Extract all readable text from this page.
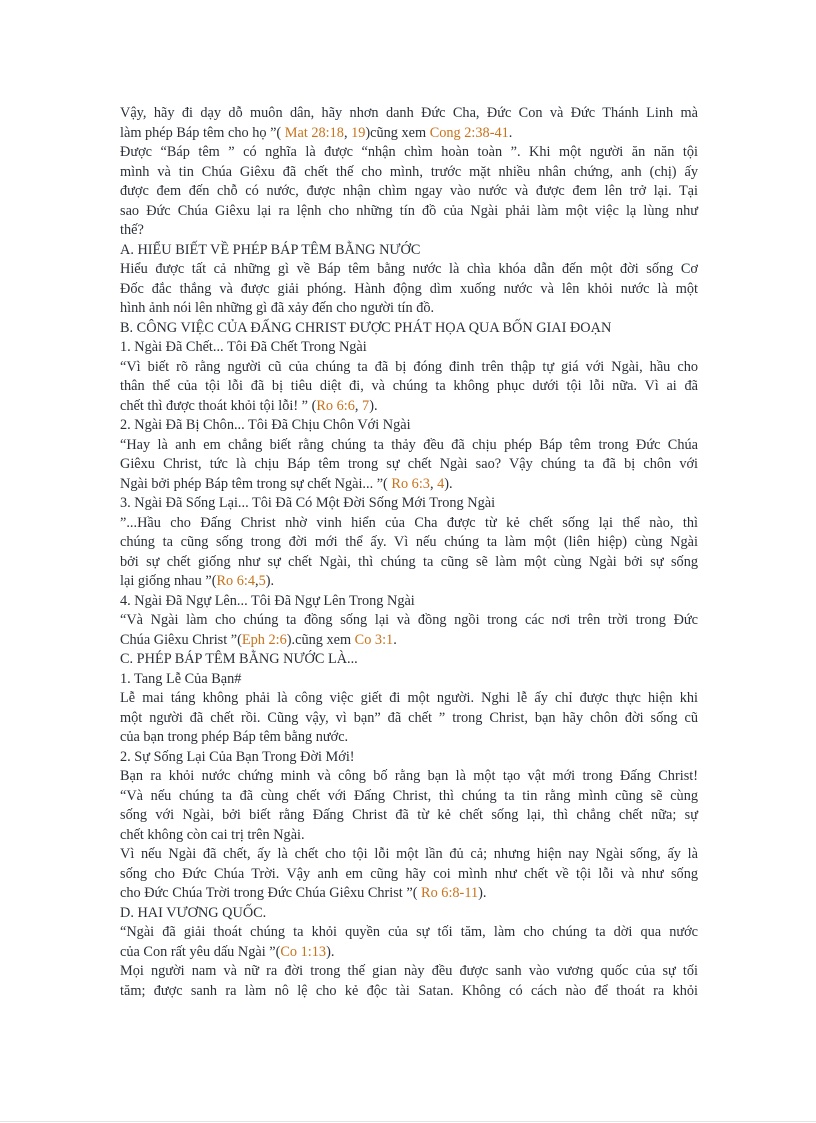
Vậy, hãy đi dạy dỗ muôn dân, hãy nhơn danh Đức Cha, Đức Con và Đức Thánh Linh mà
làm phép Báp têm cho họ ”( Mat 28:18, 19)cũng xem Cong 2:38-41.
Được “Báp têm ” có nghĩa là được “nhận chìm hoàn toàn ”. Khi một người ăn năn tội
mình và tin Chúa Giêxu đã chết thế cho mình, trước mặt nhiều nhân chứng, anh (chị) ấy
được đem đến chỗ có nước, được nhận chìm ngay vào nước và được đem lên trở lại. Tại
sao Đức Chúa Giêxu lại ra lệnh cho những tín đồ của Ngài phải làm một việc lạ lùng như
thế?
A. HIỂU BIẾT VỀ PHÉP BÁP TÊM BẰNG NƯỚC
Hiểu được tất cả những gì về Báp têm bằng nước là chìa khóa dẫn đến một đời sống Cơ
Đốc đắc thắng và được giải phóng. Hành động dìm xuống nước và lên khỏi nước là một
hình ảnh nói lên những gì đã xảy đến cho người tín đồ.
B. CÔNG VIỆC CỦA ĐẤNG CHRIST ĐƯỢC PHÁT HỌA QUA BỐN GIAI ĐOẠN
1. Ngài Đã Chết... Tôi Đã Chết Trong Ngài
“Vì biết rõ rằng người cũ của chúng ta đã bị đóng đinh trên thập tự giá với Ngài, hầu cho
thân thể của tội lỗi đã bị tiêu diệt đi, và chúng ta không phục dưới tội lỗi nữa. Vì ai đã
chết thì được thoát khỏi tội lỗi! ” (Ro 6:6, 7).
2. Ngài Đã Bị Chôn... Tôi Đã Chịu Chôn Với Ngài
“Hay là anh em chẳng biết rằng chúng ta thảy đều đã chịu phép Báp têm trong Đức Chúa
Giêxu Christ, tức là chịu Báp têm trong sự chết Ngài sao? Vậy chúng ta đã bị chôn với
Ngài bởi phép Báp têm trong sự chết Ngài... ”( Ro 6:3, 4).
3. Ngài Đã Sống Lại... Tôi Đã Có Một Đời Sống Mới Trong Ngài
”...Hầu cho Đấng Christ nhờ vinh hiển của Cha được từ kẻ chết sống lại thể nào, thì
chúng ta cũng sống trong đời mới thể ấy. Vì nếu chúng ta làm một (liên hiệp) cùng Ngài
bởi sự chết giống như sự chết Ngài, thì chúng ta cũng sẽ làm một cùng Ngài bởi sự sống
lại giống nhau ”(Ro 6:4,5).
4. Ngài Đã Ngự Lên... Tôi Đã Ngự Lên Trong Ngài
“Và Ngài làm cho chúng ta đồng sống lại và đồng ngồi trong các nơi trên trời trong Đức
Chúa Giêxu Christ ”(Eph 2:6).cũng xem Co 3:1.
C. PHÉP BÁP TÊM BẰNG NƯỚC LÀ...
1. Tang Lễ Của Bạn#
Lễ mai táng không phải là công việc giết đi một người. Nghi lễ ấy chỉ được thực hiện khi
một người đã chết rồi. Cũng vậy, vì bạn” đã chết ” trong Christ, bạn hãy chôn đời sống cũ
của bạn trong phép Báp têm bằng nước.
2. Sự Sống Lại Của Bạn Trong Đời Mới!
Bạn ra khỏi nước chứng minh và công bố rằng bạn là một tạo vật mới trong Đấng Christ!
“Và nếu chúng ta đã cùng chết với Đấng Christ, thì chúng ta tin rằng mình cũng sẽ cùng
sống với Ngài, bởi biết rằng Đấng Christ đã từ kẻ chết sống lại, thì chẳng chết nữa; sự
chết không còn cai trị trên Ngài.
Vì nếu Ngài đã chết, ấy là chết cho tội lỗi một lần đủ cả; nhưng hiện nay Ngài sống, ấy là
sống cho Đức Chúa Trời. Vậy anh em cũng hãy coi mình như chết về tội lỗi và như sống
cho Đức Chúa Trời trong Đức Chúa Giêxu Christ ”( Ro 6:8-11).
D. HAI VƯƠNG QUỐC.
“Ngài đã giải thoát chúng ta khỏi quyền của sự tối tăm, làm cho chúng ta dời qua nước
của Con rất yêu dấu Ngài ”(Co 1:13).
Mọi người nam và nữ ra đời trong thế gian này đều được sanh vào vương quốc của sự tối
tăm; được sanh ra làm nô lệ cho kẻ độc tài Satan. Không có cách nào để thoát ra khỏi
